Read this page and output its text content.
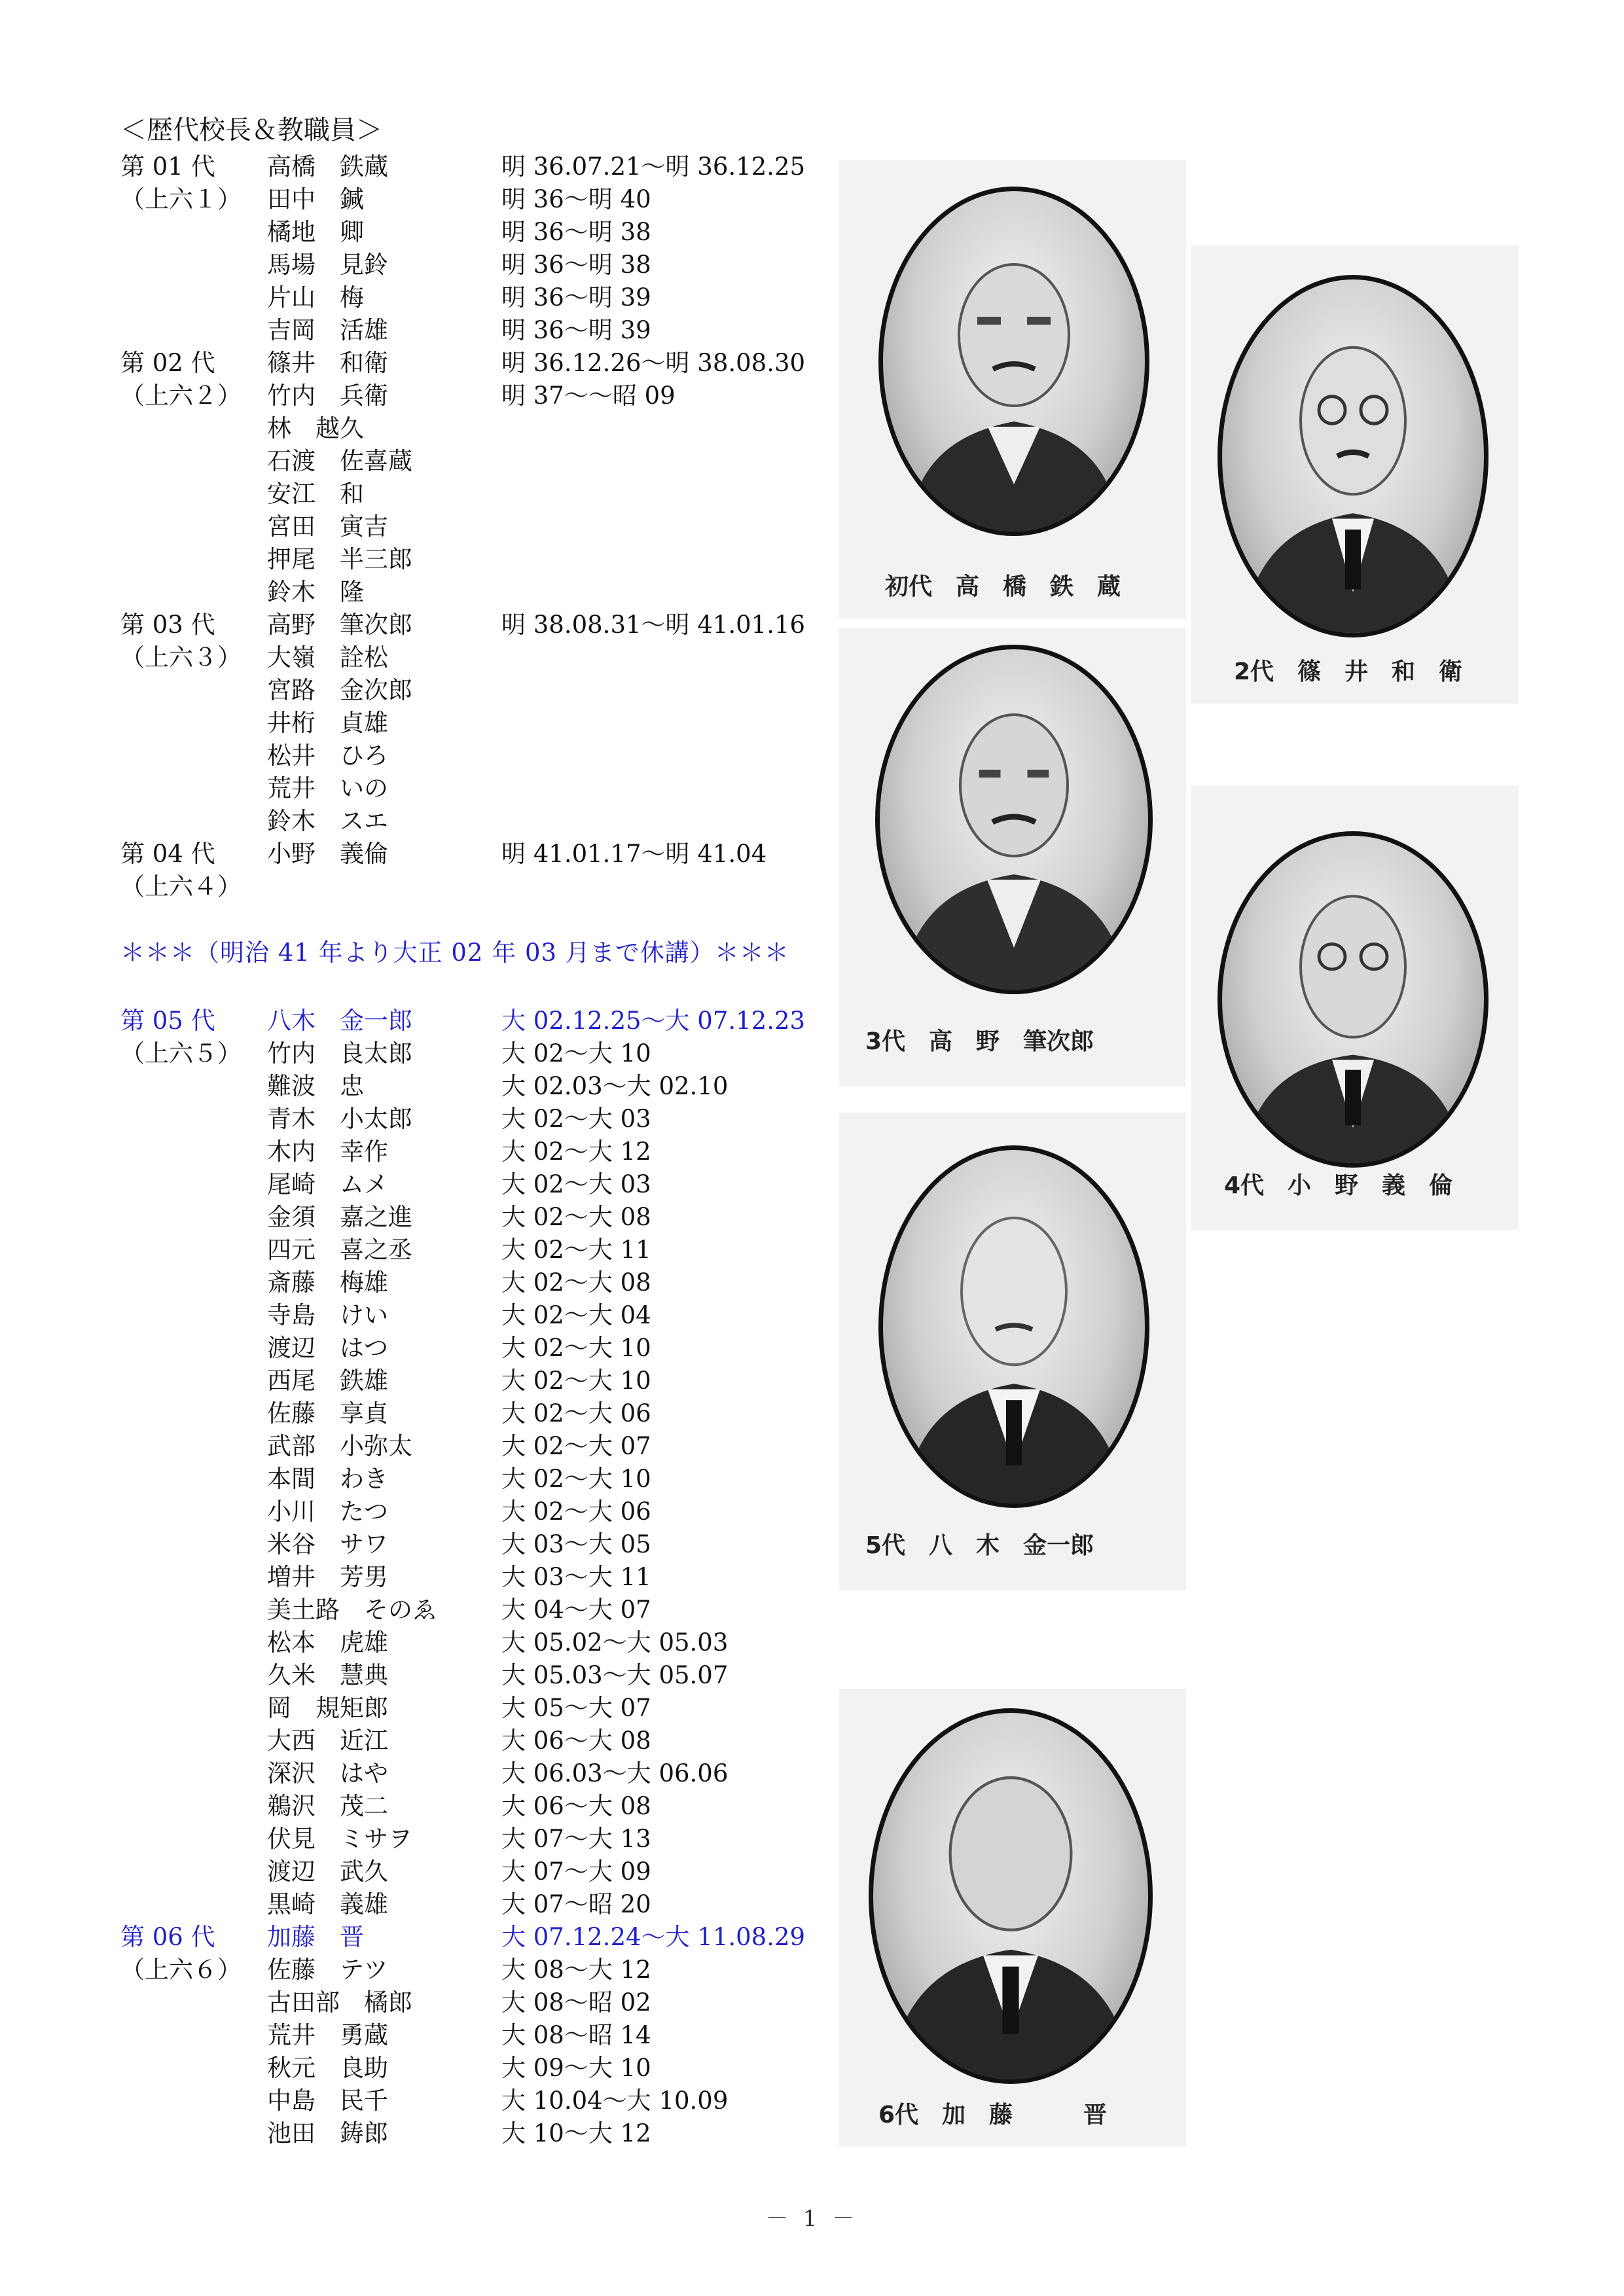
＜歴代校長＆教職員＞
第 01 代 高橋　鉄蔵	明 36.07.21〜明 36.12.25
（上六１） 田中　鍼	明 36〜明 40
橘地　卿	明 36〜明 38
馬場　見鈴	明 36〜明 38
片山　梅	明 36〜明 39
吉岡　活雄	明 36〜明 39
第 02 代 篠井　和衛	明 36.12.26〜明 38.08.30
（上六２） 竹内　兵衛	明 37〜〜昭 09
林　越久
石渡　佐喜蔵
安江　和
宮田　寅吉
押尾　半三郎
鈴木　隆
第 03 代 高野　筆次郎	明 38.08.31〜明 41.01.16
（上六３） 大嶺　詮松
宮路　金次郎
井桁　貞雄
松井　ひろ
荒井　いの
鈴木　スエ
第 04 代 小野　義倫	明 41.01.17〜明 41.04
（上六４）
＊＊＊（明治 41 年より大正 02 年 03 月まで休講）＊＊＊
第 05 代 八木　金一郎	大 02.12.25〜大 07.12.23
（上六５） 竹内　良太郎	大 02〜大 10
難波　忠	大 02.03〜大 02.10
青木　小太郎	大 02〜大 03
木内　幸作	大 02〜大 12
尾崎　ムメ	大 02〜大 03
金須　嘉之進	大 02〜大 08
四元　喜之丞	大 02〜大 11
斎藤　梅雄	大 02〜大 08
寺島　けい	大 02〜大 04
渡辺　はつ	大 02〜大 10
西尾　鉄雄	大 02〜大 10
佐藤　享貞	大 02〜大 06
武部　小弥太	大 02〜大 07
本間　わき	大 02〜大 10
小川　たつ	大 02〜大 06
米谷　サワ	大 03〜大 05
増井　芳男	大 03〜大 11
美土路　そのゑ	大 04〜大 07
松本　虎雄	大 05.02〜大 05.03
久米　慧典	大 05.03〜大 05.07
岡　規矩郎	大 05〜大 07
大西　近江	大 06〜大 08
深沢　はや	大 06.03〜大 06.06
鵜沢　茂二	大 06〜大 08
伏見　ミサヲ	大 07〜大 13
渡辺　武久	大 07〜大 09
黒崎　義雄	大 07〜昭 20
第 06 代 加藤　晋	大 07.12.24〜大 11.08.29
（上六６） 佐藤　テツ	大 08〜大 12
古田部　橘郎	大 08〜昭 02
荒井　勇蔵	大 08〜昭 14
秋元　良助	大 09〜大 10
中島　民千	大 10.04〜大 10.09
池田　鋳郎	大 10〜大 12
初代　高　橋　鉄　蔵
2代　篠　井　和　衛
3代　高　野　筆次郎
4代　小　野　義　倫
5代　八　木　金一郎
6代　加　藤　　　晋
－ 1 －
